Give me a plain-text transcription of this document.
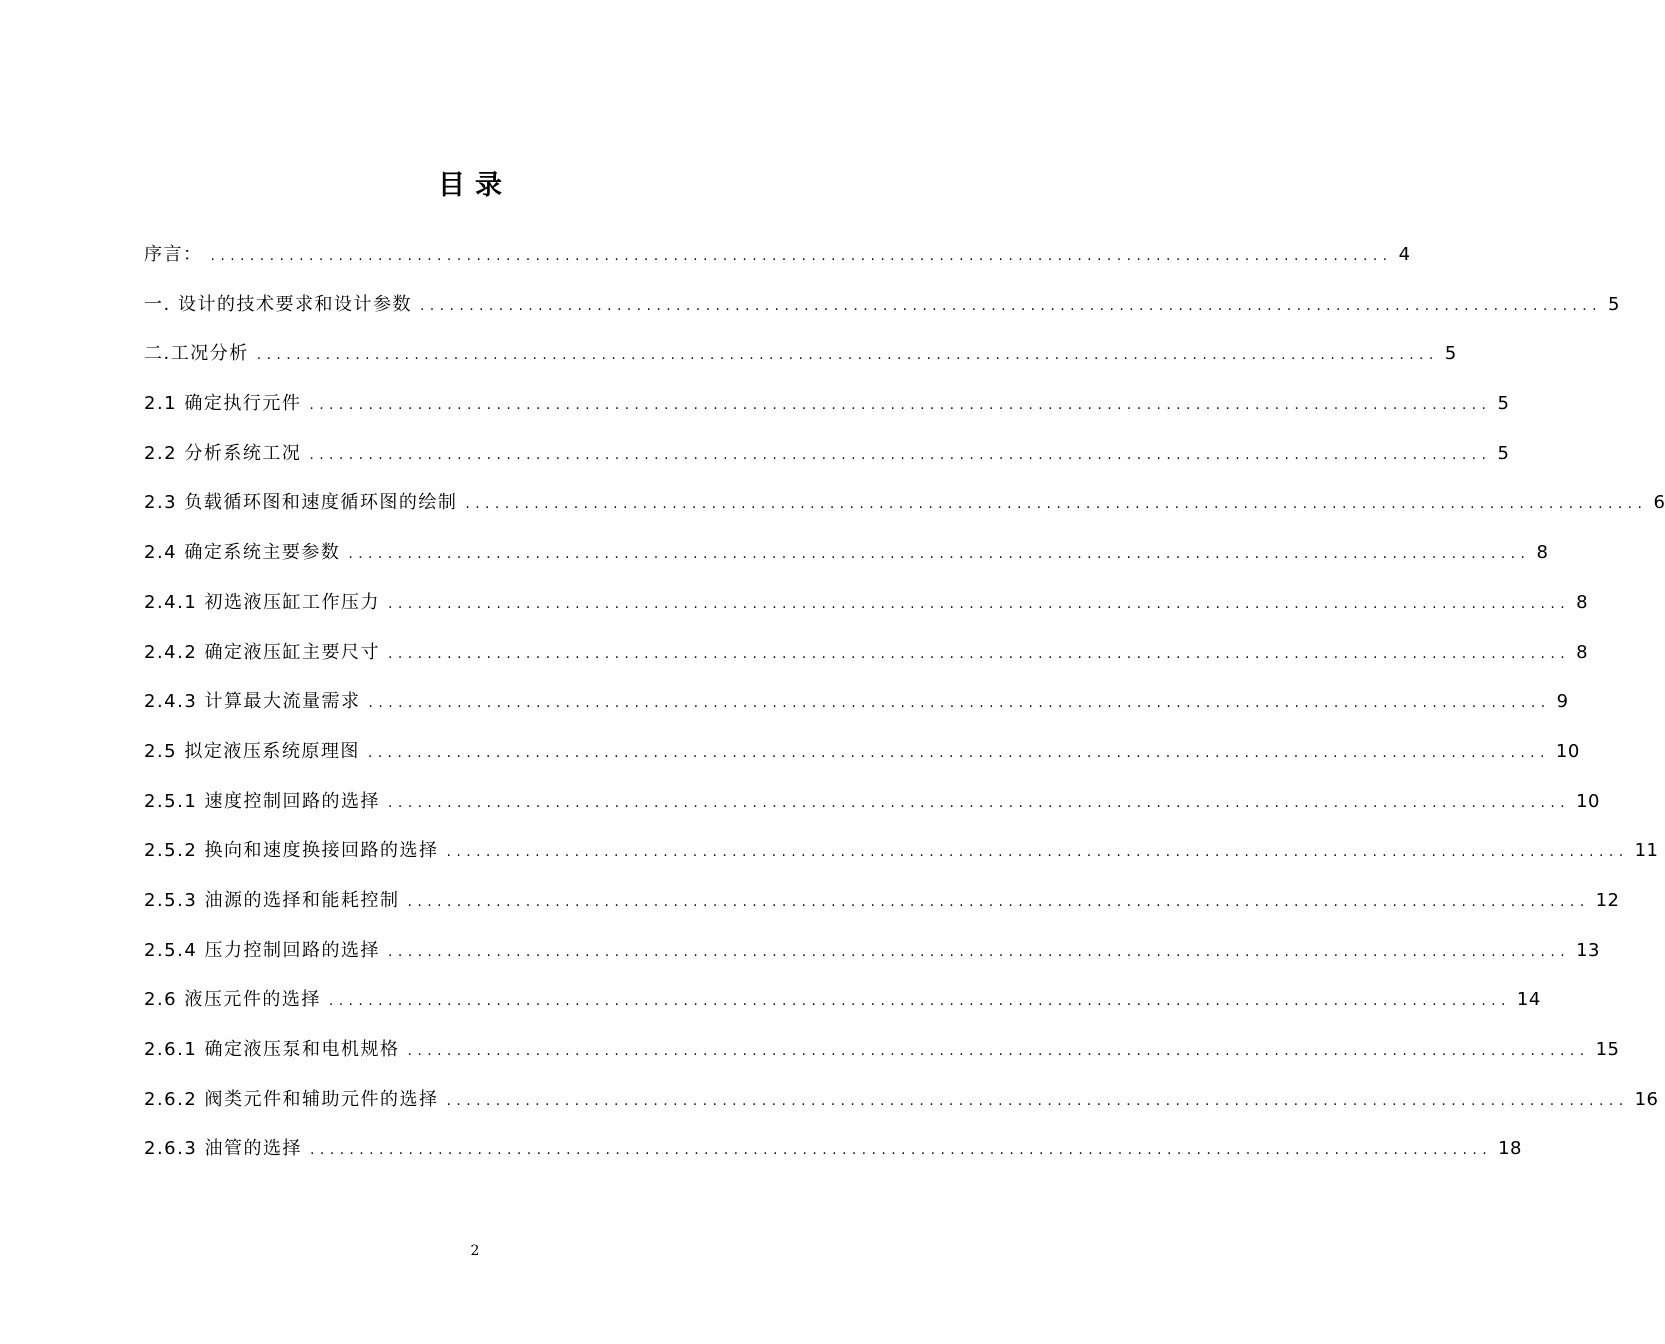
目录
序言： ........................................................................................................................ 4
一. 设计的技术要求和设计参数 ........................................................................................................................ 5
二.工况分析 ........................................................................................................................ 5
2.1 确定执行元件 ........................................................................................................................ 5
2.2 分析系统工况 ........................................................................................................................ 5
2.3 负载循环图和速度循环图的绘制 ........................................................................................................................ 6
2.4 确定系统主要参数 ........................................................................................................................ 8
2.4.1 初选液压缸工作压力 ........................................................................................................................ 8
2.4.2 确定液压缸主要尺寸 ........................................................................................................................ 8
2.4.3 计算最大流量需求 ........................................................................................................................ 9
2.5 拟定液压系统原理图 ........................................................................................................................ 10
2.5.1 速度控制回路的选择 ........................................................................................................................ 10
2.5.2 换向和速度换接回路的选择 ........................................................................................................................ 11
2.5.3 油源的选择和能耗控制 ........................................................................................................................ 12
2.5.4 压力控制回路的选择 ........................................................................................................................ 13
2.6 液压元件的选择 ........................................................................................................................ 14
2.6.1 确定液压泵和电机规格 ........................................................................................................................ 15
2.6.2 阀类元件和辅助元件的选择 ........................................................................................................................ 16
2.6.3 油管的选择 ........................................................................................................................ 18
2
